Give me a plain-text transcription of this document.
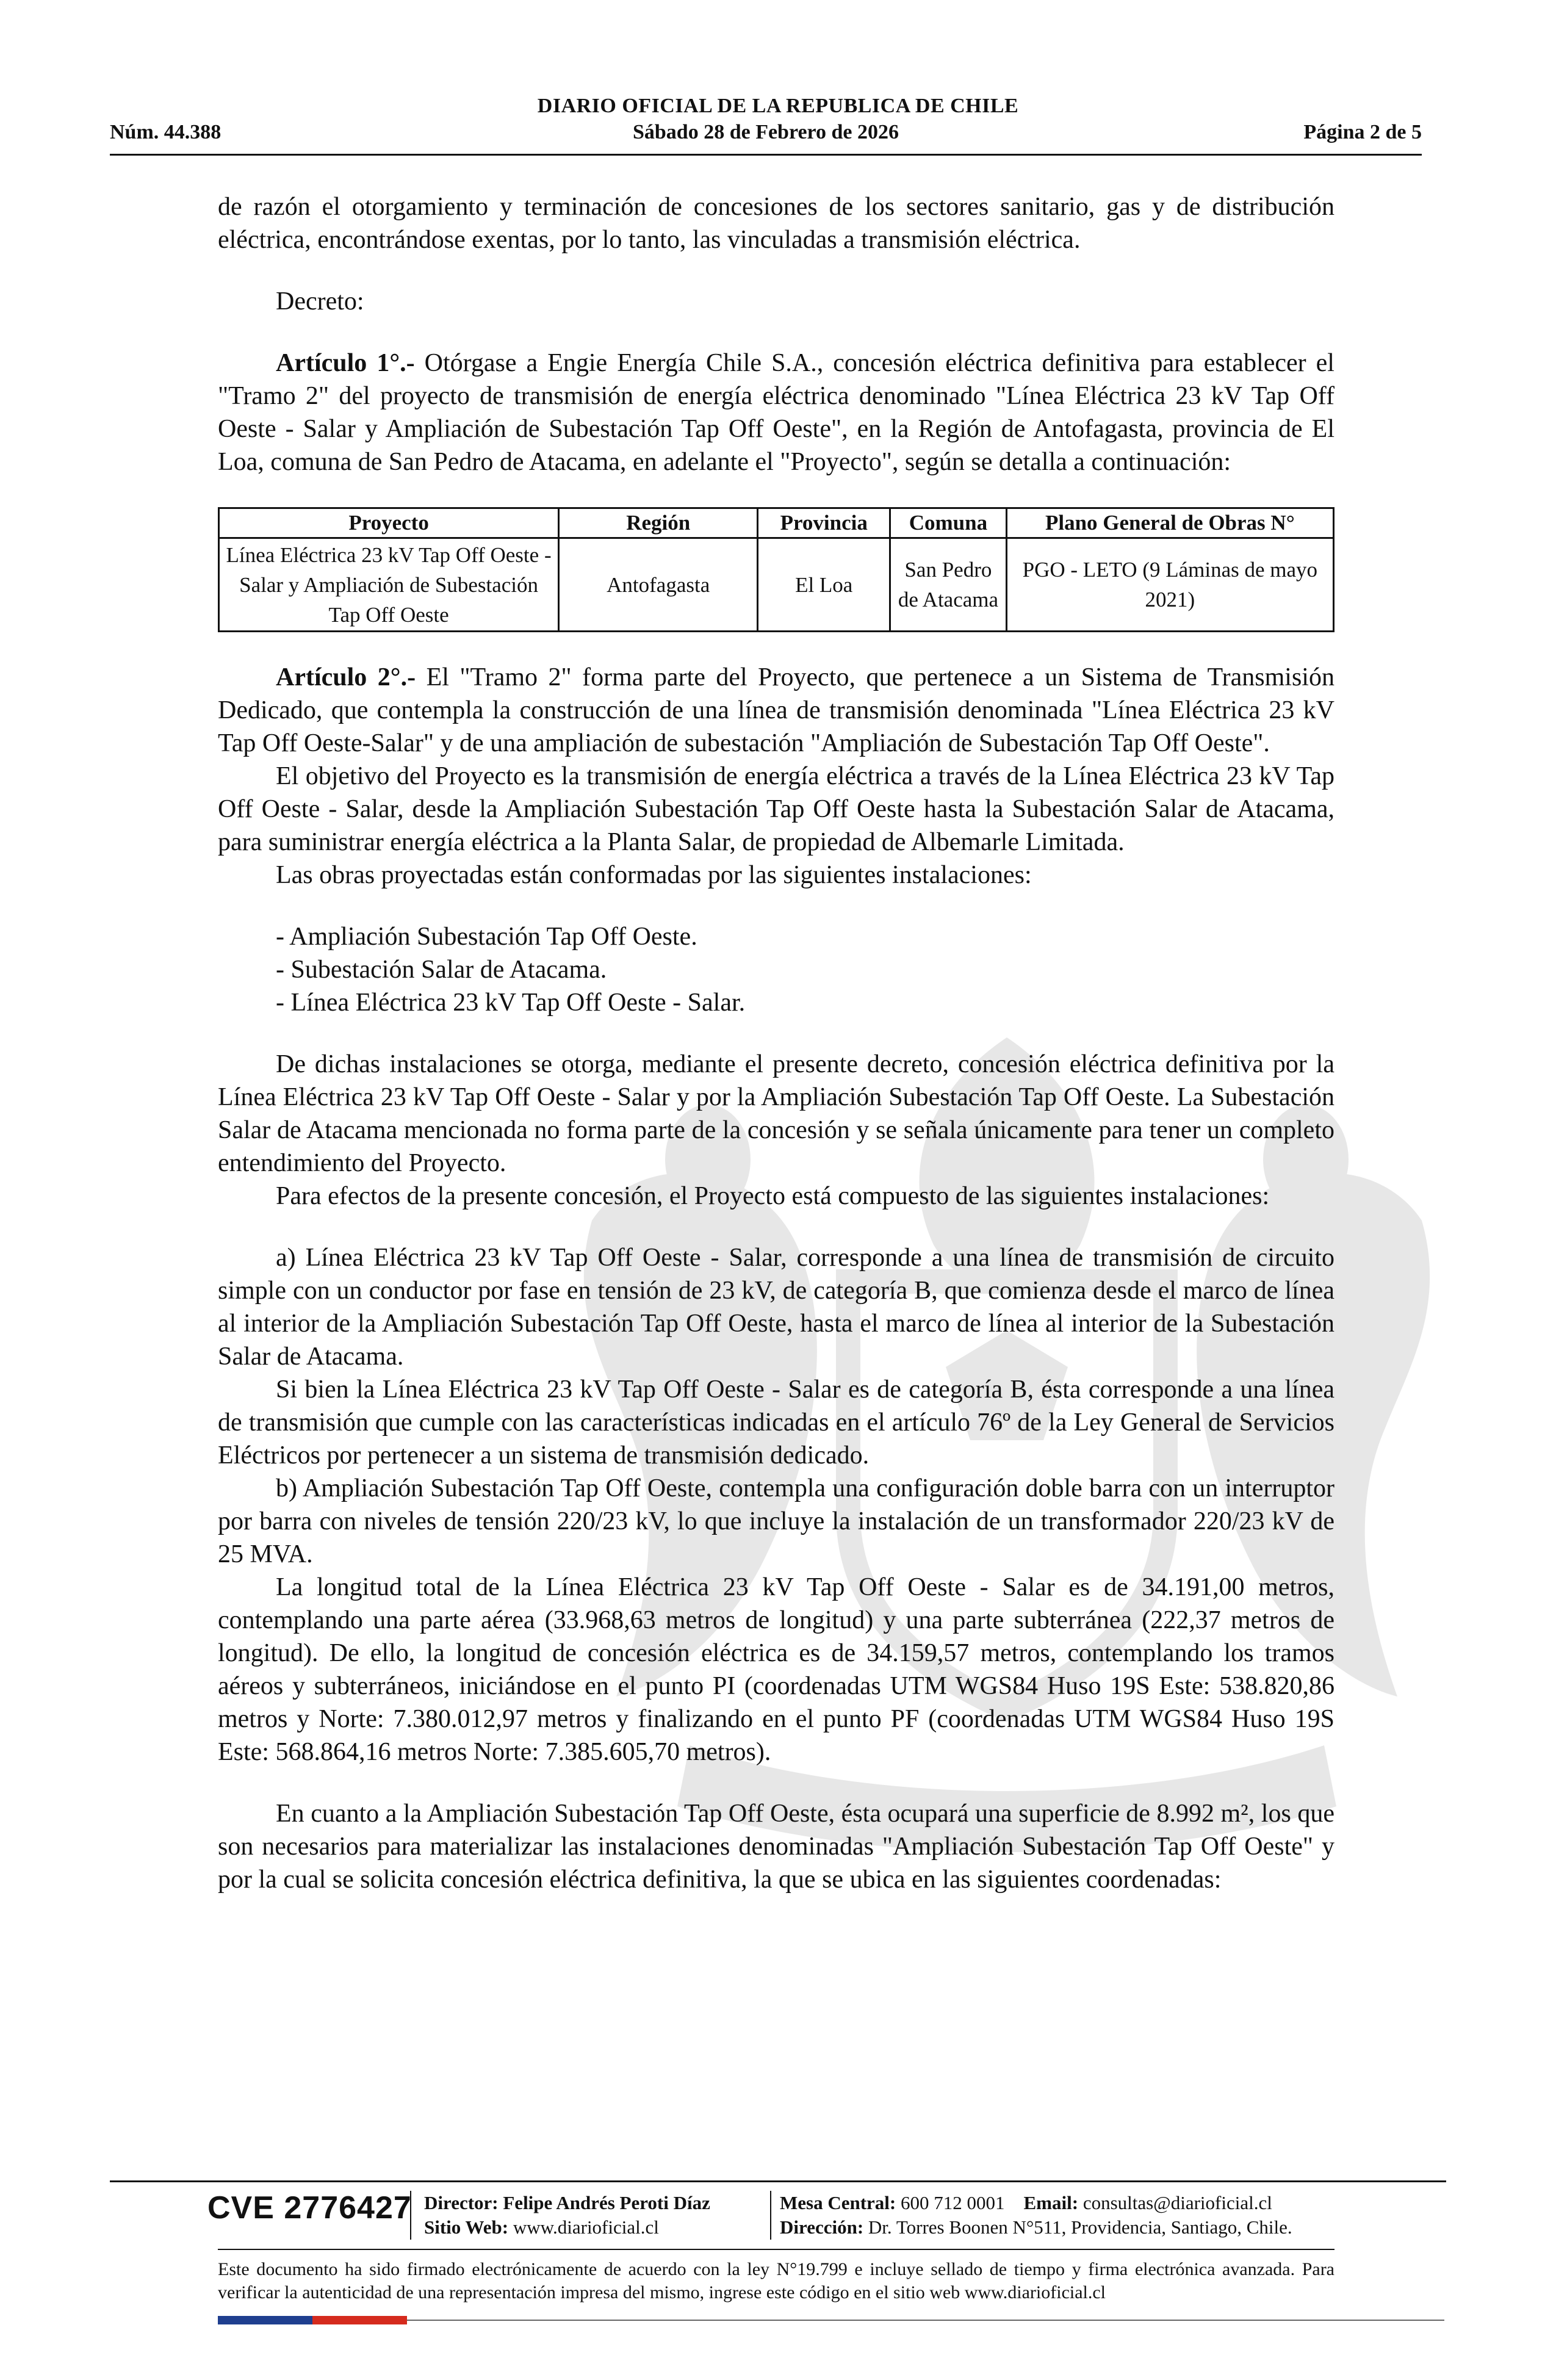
DIARIO OFICIAL DE LA REPUBLICA DE CHILE
Sábado 28 de Febrero de 2026
Núm. 44.388	Página 2 de 5

de razón el otorgamiento y terminación de concesiones de los sectores sanitario, gas y de distribución eléctrica, encontrándose exentas, por lo tanto, las vinculadas a transmisión eléctrica.

Decreto:

Artículo 1°.- Otórgase a Engie Energía Chile S.A., concesión eléctrica definitiva para establecer el "Tramo 2" del proyecto de transmisión de energía eléctrica denominado "Línea Eléctrica 23 kV Tap Off Oeste - Salar y Ampliación de Subestación Tap Off Oeste", en la Región de Antofagasta, provincia de El Loa, comuna de San Pedro de Atacama, en adelante el "Proyecto", según se detalla a continuación:

Proyecto	Región	Provincia	Comuna	Plano General de Obras N°
Línea Eléctrica 23 kV Tap Off Oeste - Salar y Ampliación de Subestación Tap Off Oeste	Antofagasta	El Loa	San Pedro de Atacama	PGO - LETO (9 Láminas de mayo 2021)

Artículo 2°.- El "Tramo 2" forma parte del Proyecto, que pertenece a un Sistema de Transmisión Dedicado, que contempla la construcción de una línea de transmisión denominada "Línea Eléctrica 23 kV Tap Off Oeste-Salar" y de una ampliación de subestación "Ampliación de Subestación Tap Off Oeste".

El objetivo del Proyecto es la transmisión de energía eléctrica a través de la Línea Eléctrica 23 kV Tap Off Oeste - Salar, desde la Ampliación Subestación Tap Off Oeste hasta la Subestación Salar de Atacama, para suministrar energía eléctrica a la Planta Salar, de propiedad de Albemarle Limitada.

Las obras proyectadas están conformadas por las siguientes instalaciones:

- Ampliación Subestación Tap Off Oeste.

- Subestación Salar de Atacama.

- Línea Eléctrica 23 kV Tap Off Oeste - Salar.

De dichas instalaciones se otorga, mediante el presente decreto, concesión eléctrica definitiva por la Línea Eléctrica 23 kV Tap Off Oeste - Salar y por la Ampliación Subestación Tap Off Oeste. La Subestación Salar de Atacama mencionada no forma parte de la concesión y se señala únicamente para tener un completo entendimiento del Proyecto.

Para efectos de la presente concesión, el Proyecto está compuesto de las siguientes instalaciones:

a) Línea Eléctrica 23 kV Tap Off Oeste - Salar, corresponde a una línea de transmisión de circuito simple con un conductor por fase en tensión de 23 kV, de categoría B, que comienza desde el marco de línea al interior de la Ampliación Subestación Tap Off Oeste, hasta el marco de línea al interior de la Subestación Salar de Atacama.

Si bien la Línea Eléctrica 23 kV Tap Off Oeste - Salar es de categoría B, ésta corresponde a una línea de transmisión que cumple con las características indicadas en el artículo 76º de la Ley General de Servicios Eléctricos por pertenecer a un sistema de transmisión dedicado.

b) Ampliación Subestación Tap Off Oeste, contempla una configuración doble barra con un interruptor por barra con niveles de tensión 220/23 kV, lo que incluye la instalación de un transformador 220/23 kV de 25 MVA.

La longitud total de la Línea Eléctrica 23 kV Tap Off Oeste - Salar es de 34.191,00 metros, contemplando una parte aérea (33.968,63 metros de longitud) y una parte subterránea (222,37 metros de longitud). De ello, la longitud de concesión eléctrica es de 34.159,57 metros, contemplando los tramos aéreos y subterráneos, iniciándose en el punto PI (coordenadas UTM WGS84 Huso 19S Este: 538.820,86 metros y Norte: 7.380.012,97 metros y finalizando en el punto PF (coordenadas UTM WGS84 Huso 19S Este: 568.864,16 metros Norte: 7.385.605,70 metros).

En cuanto a la Ampliación Subestación Tap Off Oeste, ésta ocupará una superficie de 8.992 m², los que son necesarios para materializar las instalaciones denominadas "Ampliación Subestación Tap Off Oeste" y por la cual se solicita concesión eléctrica definitiva, la que se ubica en las siguientes coordenadas:

CVE 2776427 Director: Felipe Andrés Peroti Díaz
Sitio Web: www.diarioficial.cl
Mesa Central: 600 712 0001 Email: consultas@diarioficial.cl
Dirección: Dr. Torres Boonen N°511, Providencia, Santiago, Chile.
Este documento ha sido firmado electrónicamente de acuerdo con la ley N°19.799 e incluye sellado de tiempo y firma electrónica avanzada. Para verificar la autenticidad de una representación impresa del mismo, ingrese este código en el sitio web www.diarioficial.cl
